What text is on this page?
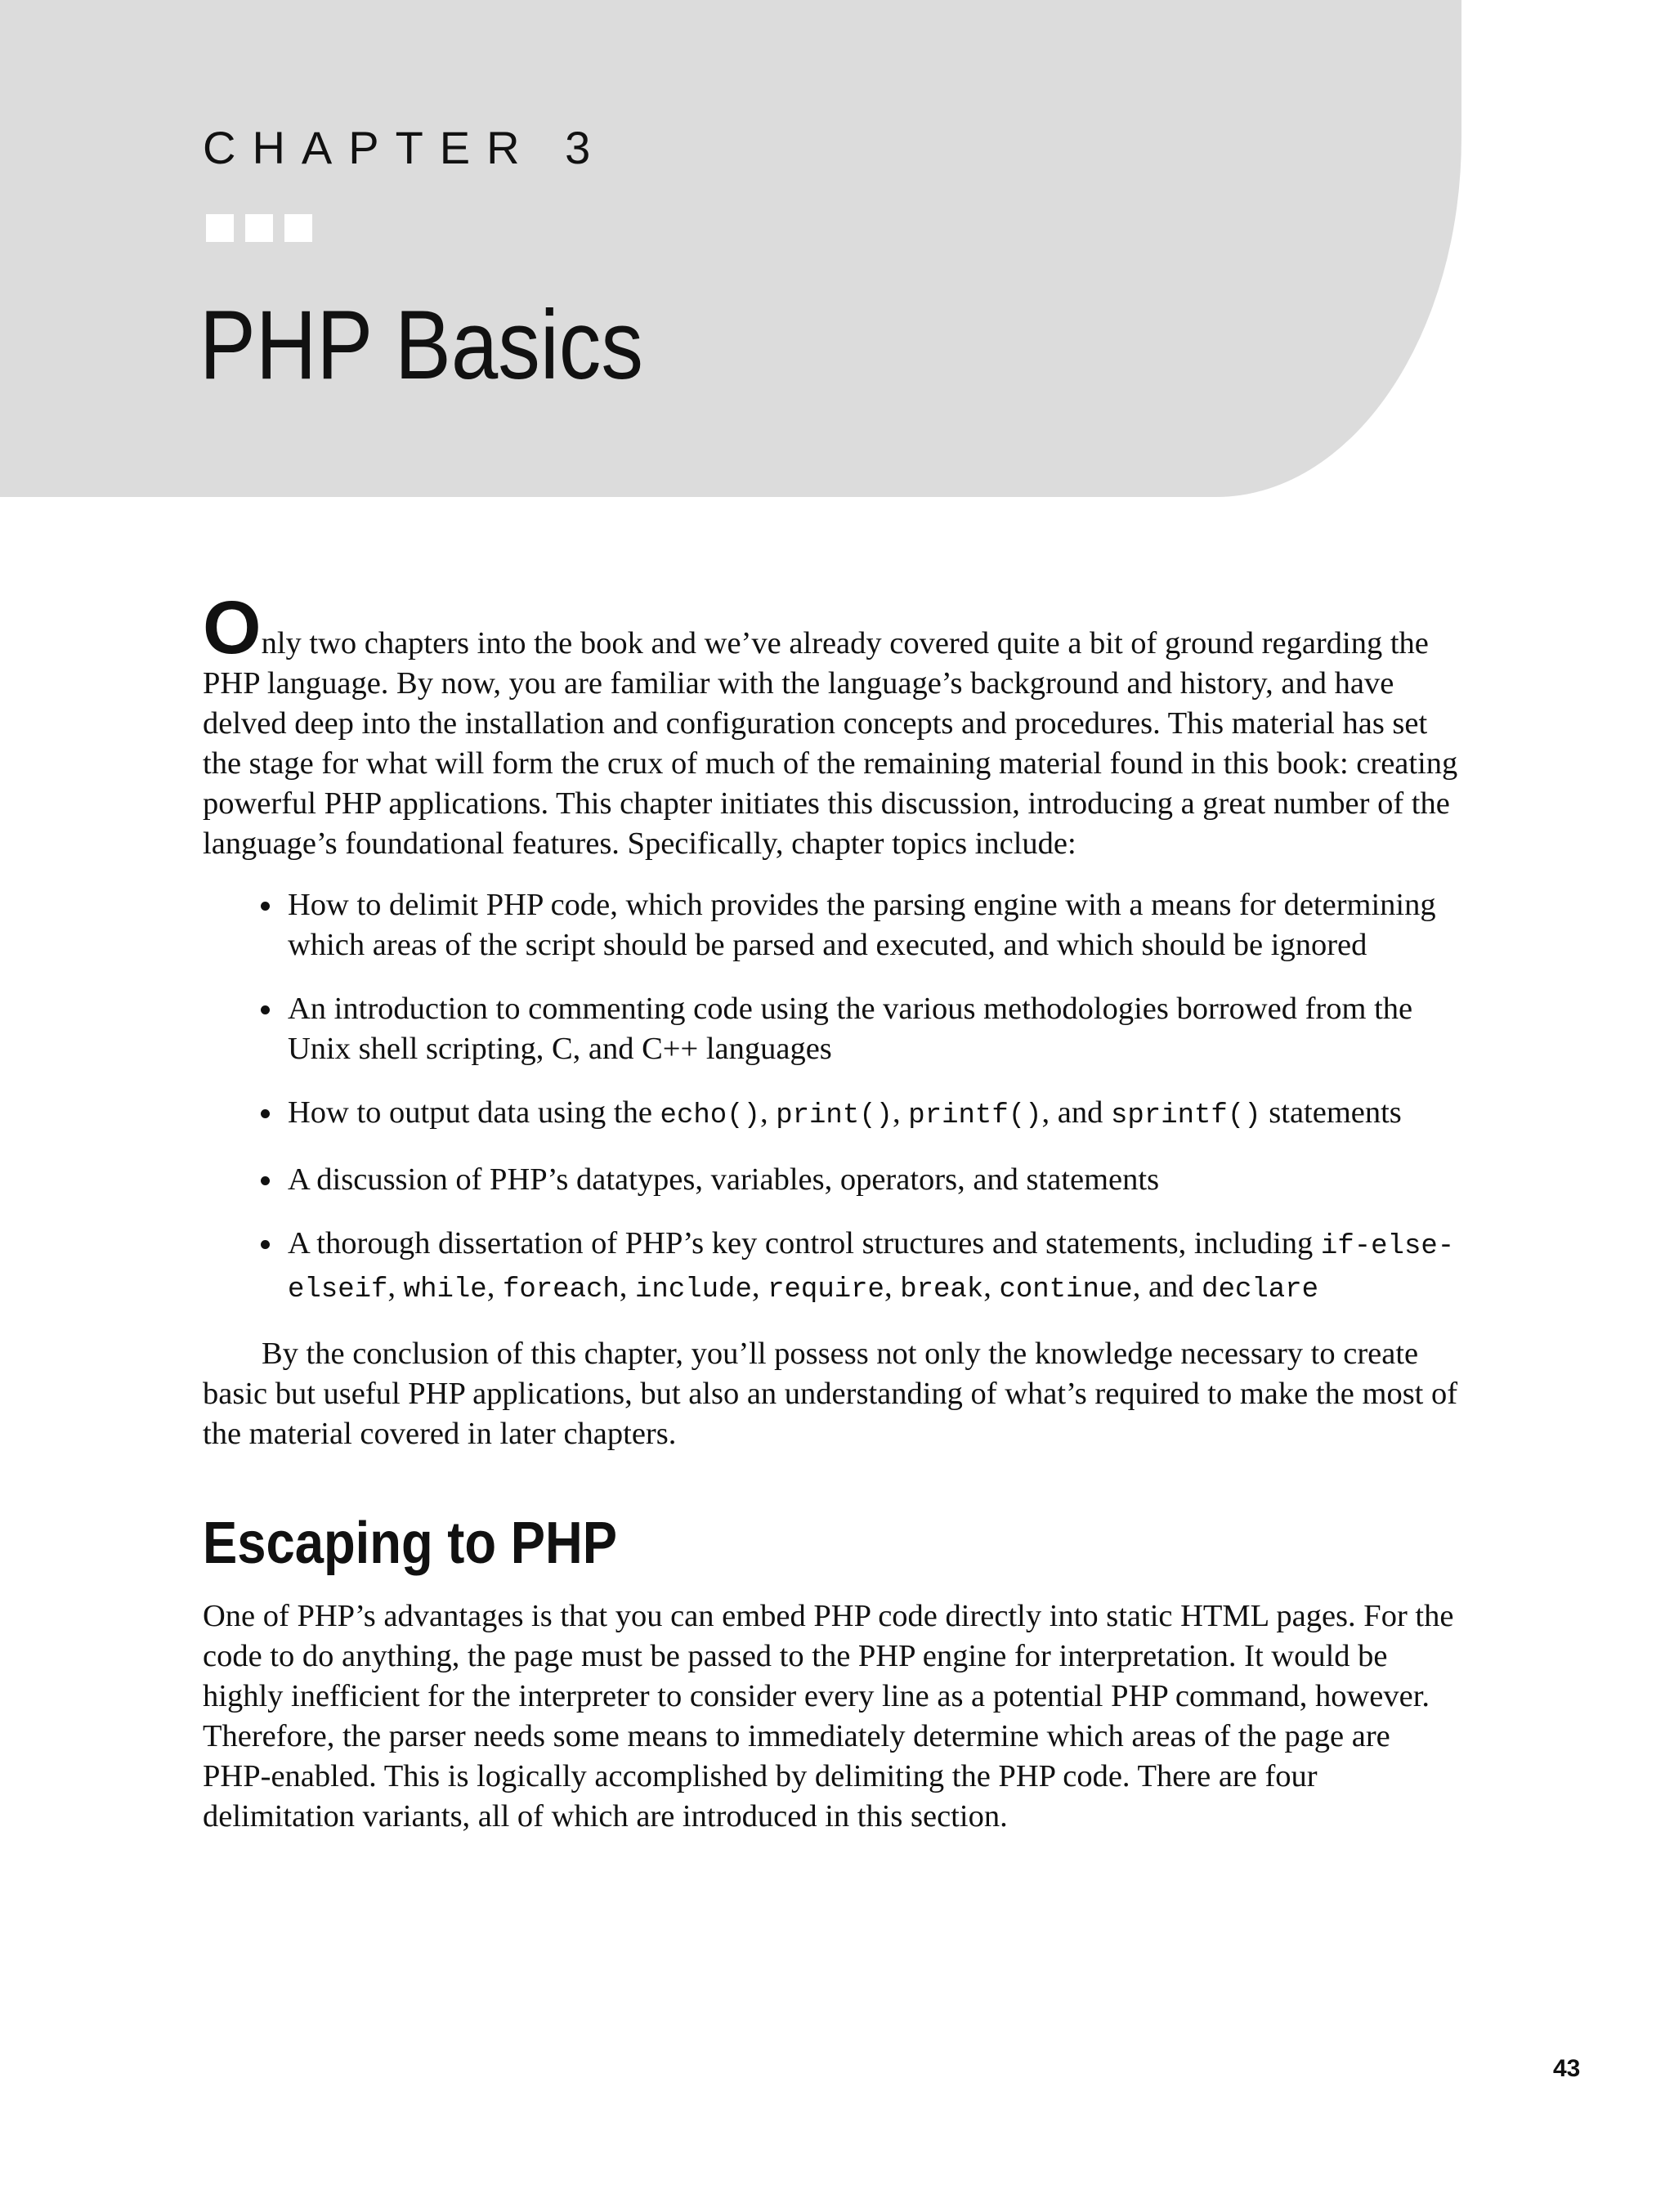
CHAPTER 3
PHP Basics

Only two chapters into the book and we’ve already covered quite a bit of ground regarding the PHP language. By now, you are familiar with the language’s background and history, and have delved deep into the installation and configuration concepts and procedures. This material has set the stage for what will form the crux of much of the remaining material found in this book: creating powerful PHP applications. This chapter initiates this discussion, introducing a great number of the language’s foundational features. Specifically, chapter topics include:

How to delimit PHP code, which provides the parsing engine with a means for determining which areas of the script should be parsed and executed, and which should be ignored
An introduction to commenting code using the various methodologies borrowed from the Unix shell scripting, C, and C++ languages
How to output data using the echo(), print(), printf(), and sprintf() statements
A discussion of PHP’s datatypes, variables, operators, and statements
A thorough dissertation of PHP’s key control structures and statements, including if-else-elseif, while, foreach, include, require, break, continue, and declare

By the conclusion of this chapter, you’ll possess not only the knowledge necessary to create basic but useful PHP applications, but also an understanding of what’s required to make the most of the material covered in later chapters.

Escaping to PHP

One of PHP’s advantages is that you can embed PHP code directly into static HTML pages. For the code to do anything, the page must be passed to the PHP engine for interpretation. It would be highly inefficient for the interpreter to consider every line as a potential PHP command, however. Therefore, the parser needs some means to immediately determine which areas of the page are PHP-enabled. This is logically accomplished by delimiting the PHP code. There are four delimitation variants, all of which are introduced in this section.

43
